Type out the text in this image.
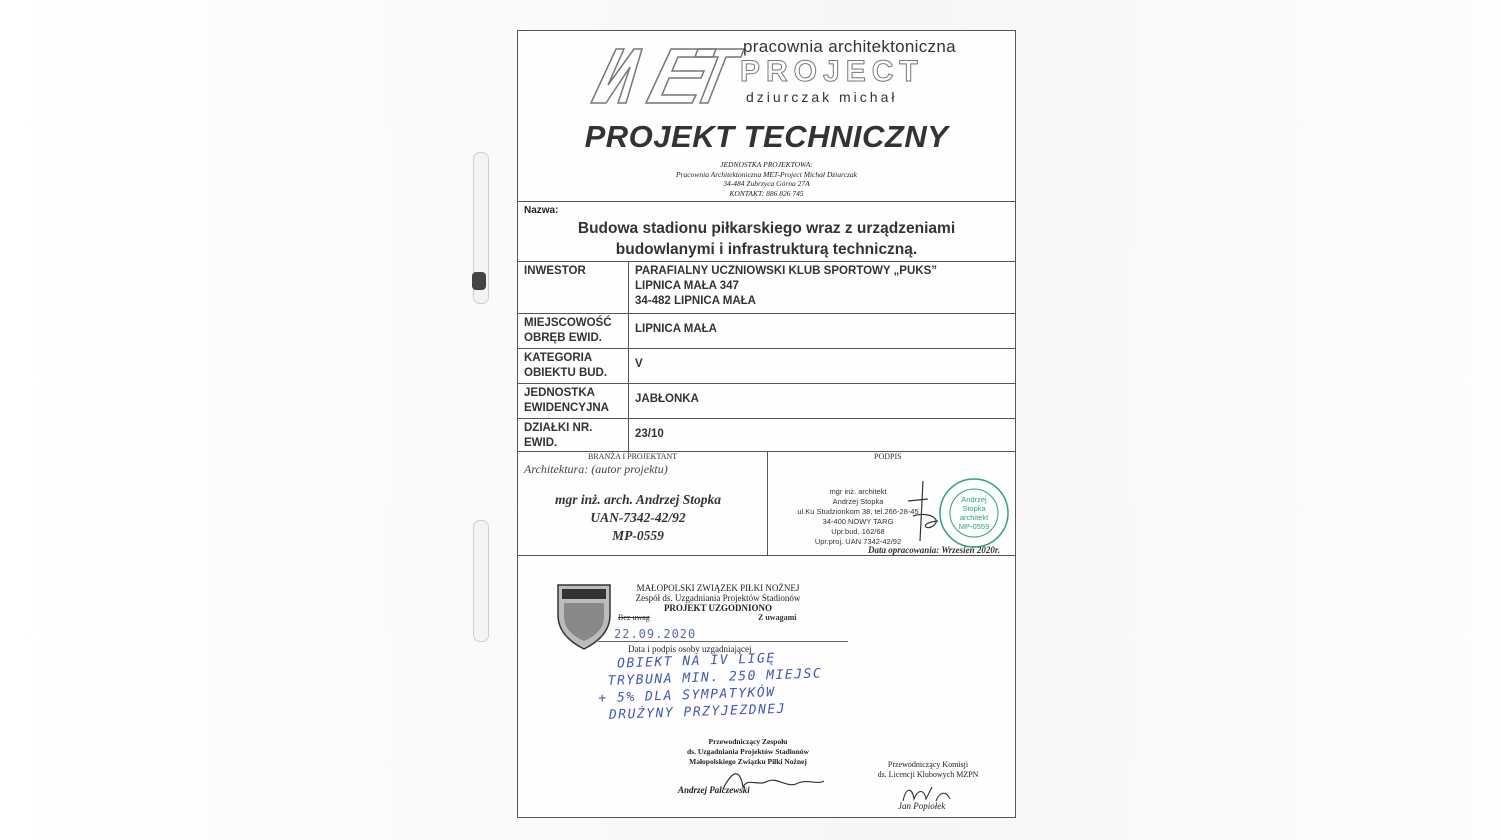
pracownia architektoniczna
PROJECT
dziurczak michał
PROJEKT TECHNICZNY
JEDNOSTKA PROJEKTOWA:
Pracownia Architektoniczna MET-Project Michał Dziurczak
34-484 Zubrzyca Górna 27A
KONTAKT: 886 826 745
Nazwa:
Budowa stadionu piłkarskiego wraz z urządzeniami
budowlanymi i infrastrukturą techniczną.
INWESTOR	PARAFIALNY UCZNIOWSKI KLUB SPORTOWY „PUKS”
LIPNICA MAŁA 347
34-482 LIPNICA MAŁA

MIEJSCOWOŚĆ OBRĘB EWID.	LIPNICA MAŁA
KATEGORIA OBIEKTU BUD.	V
JEDNOSTKA EWIDENCYJNA	JABŁONKA
DZIAŁKI NR. EWID.	23/10
BRANŻA I PROJEKTANT	PODPIS
Architektura: (autor projektu)
mgr inż. arch. Andrzej Stopka
UAN-7342-42/92
MP-0559
mgr inż. architekt
Andrzej Stopka
ul.Ku Studzionkom 38, tel.266-28-45
34-400 NOWY TARG
Upr.bud. 162/68
Upr.proj. UAN 7342-42/92
Andrzej
Stopka
architekt
MP-0559
Data opracowania: Wrzesień 2020r.
MAŁOPOLSKI ZWIĄZEK PIŁKI NOŻNEJ
Zespół ds. Uzgadniania Projektów Stadionów
PROJEKT UZGODNIONO
Bez uwag	Z uwagami
22.09.2020
Data i podpis osoby uzgadniającej
OBIEKT NA IV LIGĘ
TRYBUNA MIN. 250 MIEJSC
+ 5% DLA SYMPATYKÓW
DRUŻYNY PRZYJEZDNEJ
Przewodniczący Zespołu
ds. Uzgadniania Projektów Stadionów
Małopolskiego Związku Piłki Nożnej
Andrzej Palczewski
Przewodniczący Komisji
ds. Licencji Klubowych MZPN
Jan Popiołek
